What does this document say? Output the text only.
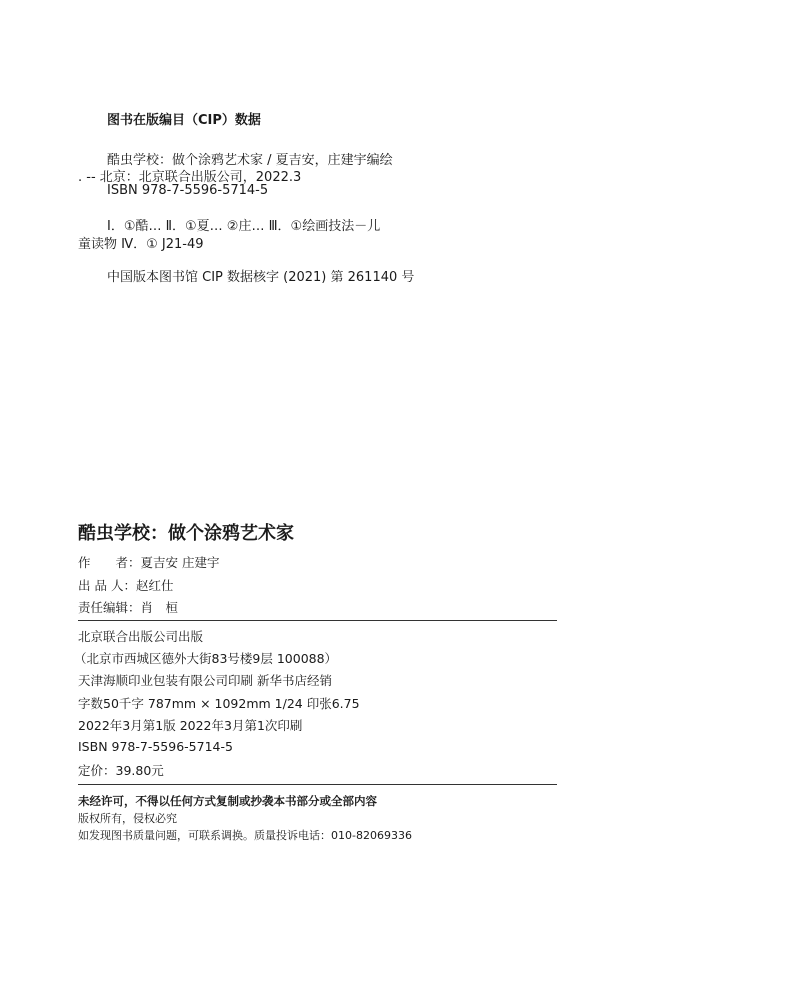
图书在版编目（CIP）数据
酷虫学校：做个涂鸦艺术家 / 夏吉安，庄建宇编绘
. -- 北京：北京联合出版公司，2022.3
ISBN 978-7-5596-5714-5
Ⅰ．①酷… Ⅱ．①夏… ②庄… Ⅲ．①绘画技法－儿
童读物 Ⅳ．① J21-49
中国版本图书馆 CIP 数据核字 (2021) 第 261140 号
酷虫学校：做个涂鸦艺术家
作　　者：夏吉安 庄建宇
出 品 人：赵红仕
责任编辑：肖　桓
北京联合出版公司出版
（北京市西城区德外大街83号楼9层 100088）
天津海顺印业包装有限公司印刷 新华书店经销
字数50千字 787mm × 1092mm 1/24 印张6.75
2022年3月第1版 2022年3月第1次印刷
ISBN 978-7-5596-5714-5
定价：39.80元
未经许可，不得以任何方式复制或抄袭本书部分或全部内容
版权所有，侵权必究
如发现图书质量问题，可联系调换。质量投诉电话：010-82069336
